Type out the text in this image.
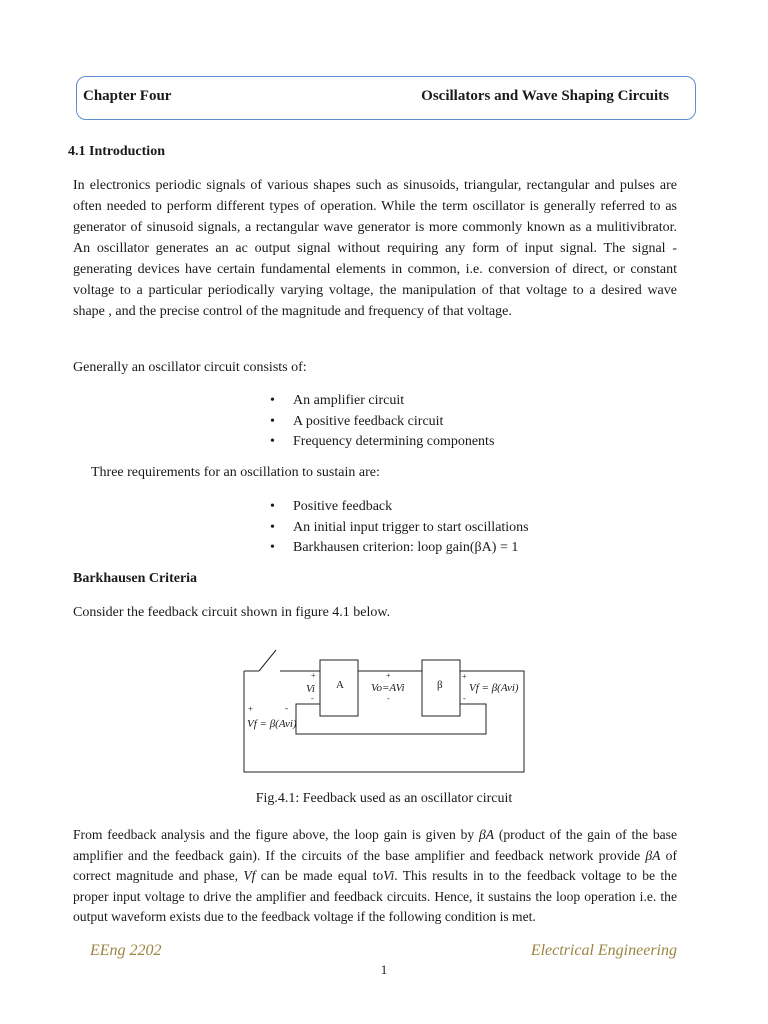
Chapter Four	Oscillators and Wave Shaping Circuits
4.1 Introduction
In electronics periodic signals of various shapes such as sinusoids, triangular, rectangular and pulses are often needed to perform different types of operation. While the term oscillator is generally referred to as generator of sinusoid signals, a rectangular wave generator is more commonly known as a mulitivibrator. An oscillator generates an ac output signal without requiring any form of input signal. The signal - generating devices have certain fundamental elements in common, i.e. conversion of direct, or constant voltage to a particular periodically varying voltage, the manipulation of that voltage to a desired wave shape , and the precise control of the magnitude and frequency of that voltage.
Generally an oscillator circuit consists of:
• An amplifier circuit
• A positive feedback circuit
• Frequency determining components
Three requirements for an oscillation to sustain are:
• Positive feedback
• An initial input trigger to start oscillations
• Barkhausen criterion: loop gain(βA) = 1
Barkhausen Criteria
Consider the feedback circuit shown in figure 4.1 below.
A	β
+
Vi
-
+
Vo=AVi
-
+
Vf = β(Avi)
-
+	-
Vf = β(Avi)
Fig.4.1: Feedback used as an oscillator circuit
From feedback analysis and the figure above, the loop gain is given by βA (product of the gain of the base amplifier and the feedback gain). If the circuits of the base amplifier and feedback network provide βA of correct magnitude and phase, Vf can be made equal toVi. This results in to the feedback voltage to be the proper input voltage to drive the amplifier and feedback circuits. Hence, it sustains the loop operation i.e. the output waveform exists due to the feedback voltage if the following condition is met.
EEng 2202	Electrical Engineering
1
